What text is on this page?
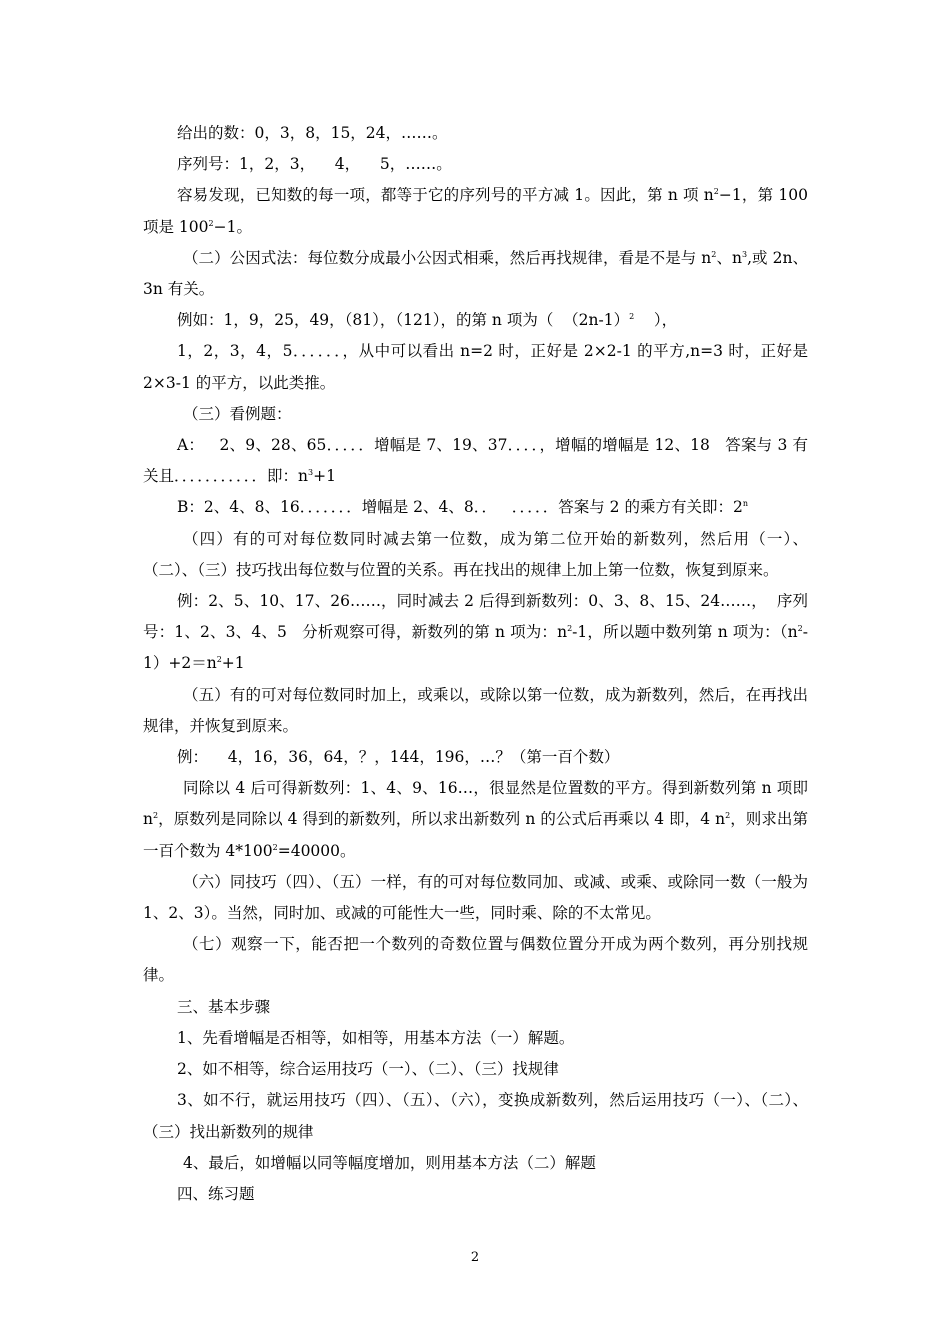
给出的数：0，3，8，15，24，……。

序列号：1，2，3，    4，    5，……。

容易发现，已知数的每一项，都等于它的序列号的平方减 1。因此，第 n 项 $n^2-1$，第 100 项是 $100^2-1$。

（二）公因式法：每位数分成最小公因式相乘，然后再找规律，看是不是与 $n^2$、$n^3$,或 2n、3n 有关。

例如：1，9，25，49，（81），（121），的第 n 项为（  $(2n-1)^2$    ），

1，2，3，4，5．．．．．．，从中可以看出 n=2 时，正好是 2×2-1 的平方,n=3 时，正好是 2×3-1 的平方，以此类推。

（三）看例题：

A：   2、9、28、65．．．．．增幅是 7、19、37．．．．，增幅的增幅是 12、18   答案与 3 有关且．．．．．．．．．．．即：$n^3+1$

B：2、4、8、16．．．．．．．增幅是 2、4、8．．   ．．．．．答案与 2 的乘方有关即：2$^n$

（四）有的可对每位数同时减去第一位数，成为第二位开始的新数列，然后用（一）、（二）、（三）技巧找出每位数与位置的关系。再在找出的规律上加上第一位数，恢复到原来。

例：2、5、10、17、26……，同时减去 2 后得到新数列：0、3、8、15、24……，  序列号：1、2、3、4、5   分析观察可得，新数列的第 n 项为：$n^2-1$，所以题中数列第 n 项为：$(n^2-1)+2=n^2+1$

（五）有的可对每位数同时加上，或乘以，或除以第一位数，成为新数列，然后，在再找出规律，并恢复到原来。

例：    4，16，36，64，？，144，196，…？（第一百个数）

同除以 4 后可得新数列：1、4、9、16…，很显然是位置数的平方。得到新数列第 n 项即 $n^2$，原数列是同除以 4 得到的新数列，所以求出新数列 n 的公式后再乘以 4 即，4 $n^2$，则求出第一百个数为 $4*100^2=40000$。

（六）同技巧（四）、（五）一样，有的可对每位数同加、或减、或乘、或除同一数（一般为 1、2、3）。当然，同时加、或减的可能性大一些，同时乘、除的不太常见。

（七）观察一下，能否把一个数列的奇数位置与偶数位置分开成为两个数列，再分别找规律。

三、基本步骤

1、先看增幅是否相等，如相等，用基本方法（一）解题。

2、如不相等，综合运用技巧（一）、（二）、（三）找规律

3、如不行，就运用技巧（四）、（五）、（六），变换成新数列，然后运用技巧（一）、（二）、（三）找出新数列的规律

4、最后，如增幅以同等幅度增加，则用基本方法（二）解题

四、练习题

2
